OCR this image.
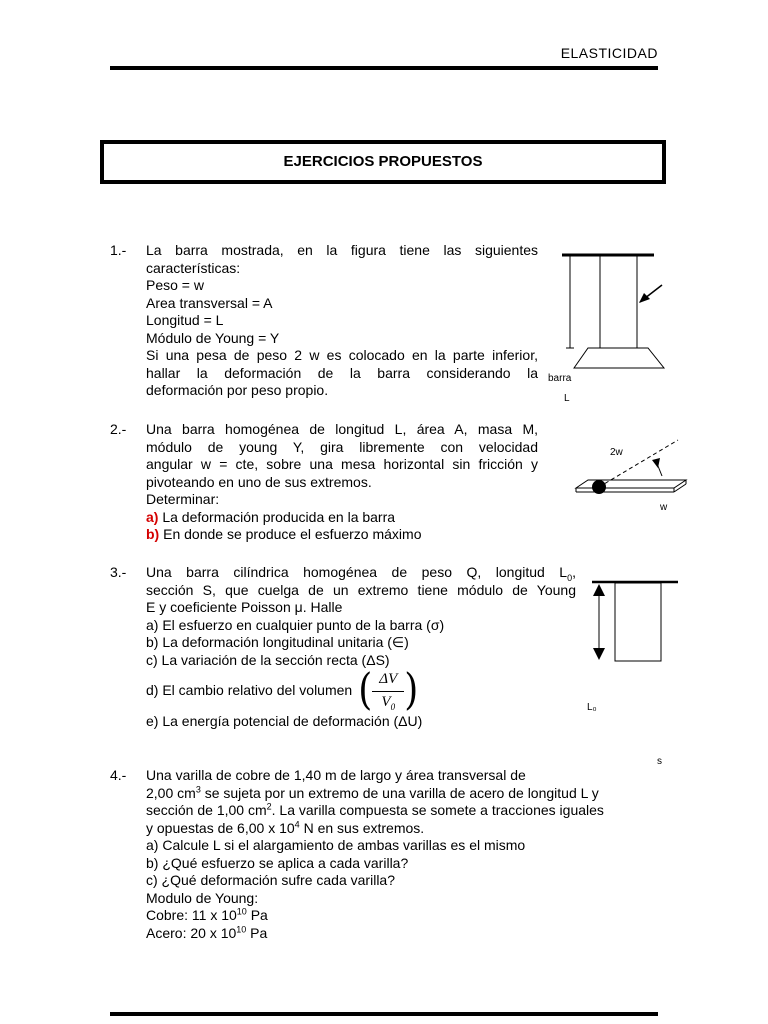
ELASTICIDAD
EJERCICIOS PROPUESTOS
1.- La barra mostrada, en la figura tiene las siguientes
características:
Peso = w
Area transversal = A
Longitud = L
Módulo de Young = Y
Si una pesa de peso 2 w es colocado en la parte inferior,
hallar la deformación de la barra considerando la
deformación por peso propio.
barra
L
2.- Una barra homogénea de longitud L, área A, masa M,
módulo de young Y, gira libremente con velocidad
angular w = cte, sobre una mesa horizontal sin fricción y
pivoteando en uno de sus extremos.
Determinar:
a) La deformación producida en la barra
b) En donde se produce el esfuerzo máximo
2w
w
3.- Una barra cilíndrica homogénea de peso Q, longitud $L_0$,
sección S, que cuelga de un extremo tiene módulo de Young
E y coeficiente Poisson μ. Halle
a) El esfuerzo en cualquier punto de la barra (σ)
b) La deformación longitudinal unitaria (∈)
c) La variación de la sección recta (ΔS)
d) El cambio relativo del volumen ( ΔV
$V_0$ )
e) La energía potencial de deformación (ΔU)
L₀
s
4.- Una varilla de cobre de 1,40 m de largo y área transversal de
2,00 $cm^3$ se sujeta por un extremo de una varilla de acero de longitud L y
sección de 1,00 $cm^2$. La varilla compuesta se somete a tracciones iguales
y opuestas de 6,00 x $10^4$ N en sus extremos.
a) Calcule L si el alargamiento de ambas varillas es el mismo
b) ¿Qué esfuerzo se aplica a cada varilla?
c) ¿Qué deformación sufre cada varilla?
Modulo de Young:
Cobre: 11 x $10^{10}$ Pa
Acero: 20 x $10^{10}$ Pa
